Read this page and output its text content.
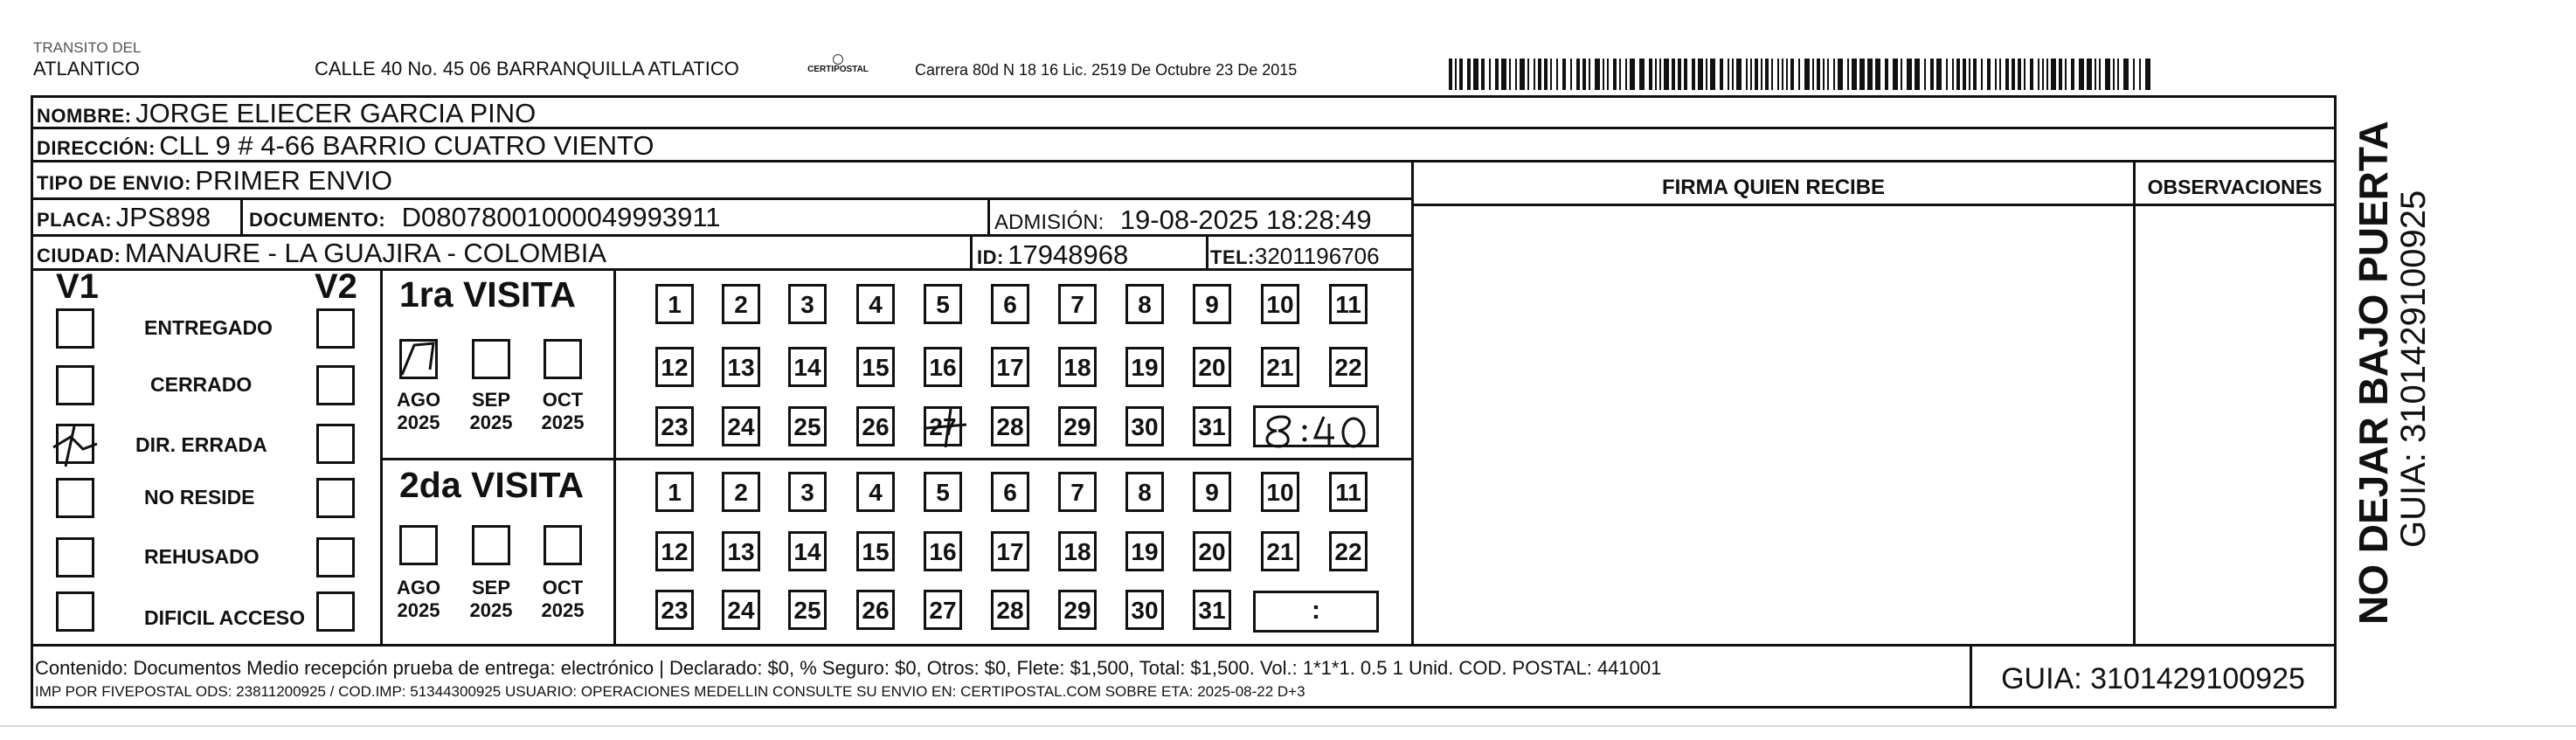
TRANSITO DEL
ATLANTICO	CALLE 40 No. 45 06 BARRANQUILLA ATLATICO	CERTIPOSTAL	Carrera 80d N 18 16 Lic. 2519 De Octubre 23 De 2015
NOMBRE: JORGE ELIECER GARCIA PINO
DIRECCIÓN: CLL 9 # 4-66 BARRIO CUATRO VIENTO
TIPO DE ENVIO: PRIMER ENVIO
PLACA: JPS898 DOCUMENTO: D08078001000049993911	ADMISIÓN: 19-08-2025 18:28:49
CIUDAD: MANAURE - LA GUAJIRA - COLOMBIA	ID: 17948968	TEL:3201196706
FIRMA QUIEN RECIBE	OBSERVACIONES
V1	V2
ENTREGADO
CERRADO
DIR. ERRADA
NO RESIDE
REHUSADO
DIFICIL ACCESO
1ra VISITA
AGO
2025
SEP
2025
OCT
2025
2da VISITA
AGO
2025
SEP
2025
OCT
2025
1	2	3	4	5	6	7	8	9	10 11
12 13 14 15 16 17 18 19 20 21 22
23 24 25 26 27 28 29 30 31
1	2	3	4	5	6	7	8	9	10 11
12 13 14 15 16 17 18 19 20 21 22
23 24 25 26 27 28 29 30 31	:
Contenido: Documentos Medio recepción prueba de entrega: electrónico | Declarado: $0, % Seguro: $0, Otros: $0, Flete: $1,500, Total: $1,500. Vol.: 1*1*1. 0.5 1 Unid. COD. POSTAL: 441001
IMP POR FIVEPOSTAL ODS: 23811200925 / COD.IMP: 51344300925 USUARIO: OPERACIONES MEDELLIN CONSULTE SU ENVIO EN: CERTIPOSTAL.COM SOBRE ETA: 2025-08-22 D+3	GUIA: 3101429100925
NO DEJAR BAJO PUERTA
GUIA: 3101429100925
